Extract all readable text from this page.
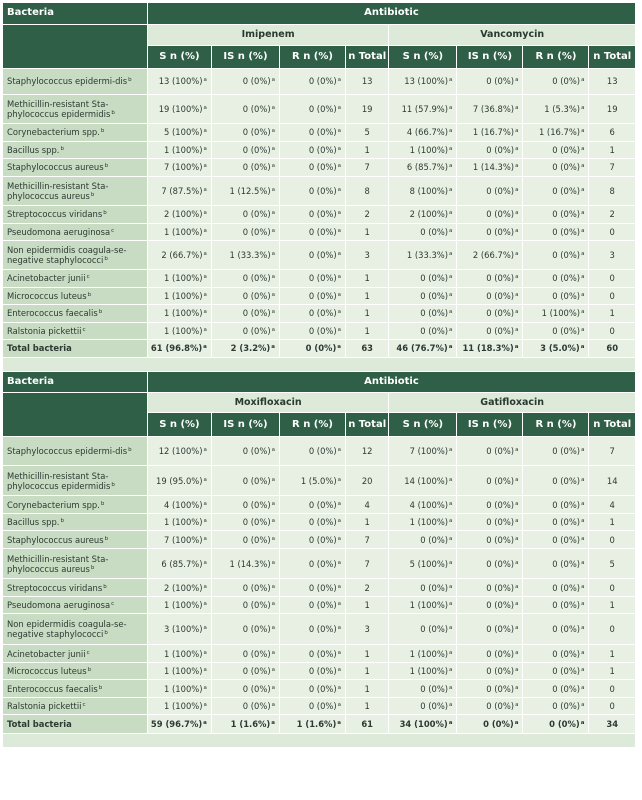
Bacteria	Antibiotic							
	Imipenem				Vancomycin			
	S n (%)	IS n (%)	R n (%)	n Total	S n (%)	IS n (%)	R n (%)	n Total
Staphylococcus epidermi-dis$^b$	13 $(100\%)^a$	0 $(0\%)^a$	0 $(0\%)^a$	13	13 $(100\%)^a$	0 $(0\%)^a$	0 $(0\%)^a$	13
Methicillin-resistant Sta-phylococcus epidermidis$^b$	19 $(100\%)^a$	0 $(0\%)^a$	0 $(0\%)^a$	19	11 $(57.9\%)^a$	7 $(36.8\%)^a$	1 $(5.3\%)^a$	19
Corynebacterium spp.$^b$	5 $(100\%)^a$	0 $(0\%)^a$	0 $(0\%)^a$	5	4 $(66.7\%)^a$	1 $(16.7\%)^a$	1 $(16.7\%)^a$	6
Bacillus spp.$^b$	1 $(100\%)^a$	0 $(0\%)^a$	0 $(0\%)^a$	1	1 $(100\%)^a$	0 $(0\%)^a$	0 $(0\%)^a$	1
Staphylococcus aureus$^b$	7 $(100\%)^a$	0 $(0\%)^a$	0 $(0\%)^a$	7	6 $(85.7\%)^a$	1 $(14.3\%)^a$	0 $(0\%)^a$	7
Methicillin-resistant Sta-phylococcus aureus$^b$	7 $(87.5\%)^a$	1 $(12.5\%)^a$	0 $(0\%)^a$	8	8 $(100\%)^a$	0 $(0\%)^a$	0 $(0\%)^a$	8
Streptococcus viridans$^b$	2 $(100\%)^a$	0 $(0\%)^a$	0 $(0\%)^a$	2	2 $(100\%)^a$	0 $(0\%)^a$	0 $(0\%)^a$	2
Pseudomona aeruginosa$^c$	1 $(100\%)^a$	0 $(0\%)^a$	0 $(0\%)^a$	1	0 $(0\%)^a$	0 $(0\%)^a$	0 $(0\%)^a$	0
Non epidermidis coagula-se-negative staphylococci$^b$	2 $(66.7\%)^a$	1 $(33.3\%)^a$	0 $(0\%)^a$	3	1 $(33.3\%)^a$	2 $(66.7\%)^a$	0 $(0\%)^a$	3
Acinetobacter junii$^c$	1 $(100\%)^a$	0 $(0\%)^a$	0 $(0\%)^a$	1	0 $(0\%)^a$	0 $(0\%)^a$	0 $(0\%)^a$	0
Micrococcus luteus$^b$	1 $(100\%)^a$	0 $(0\%)^a$	0 $(0\%)^a$	1	0 $(0\%)^a$	0 $(0\%)^a$	0 $(0\%)^a$	0
Enterococcus faecalis$^b$	1 $(100\%)^a$	0 $(0\%)^a$	0 $(0\%)^a$	1	0 $(0\%)^a$	0 $(0\%)^a$	1 $(100\%)^a$	1
Ralstonia pickettii$^c$	1 $(100\%)^a$	0 $(0\%)^a$	0 $(0\%)^a$	1	0 $(0\%)^a$	0 $(0\%)^a$	0 $(0\%)^a$	0
Total bacteria	61 $(96.8\%)^a$	2 $(3.2\%)^a$	0 $(0\%)^a$	63	46 $(76.7\%)^a$	11 $(18.3\%)^a$	3 $(5.0\%)^a$	60

Bacteria	Antibiotic							
	Moxifloxacin				Gatifloxacin			
	S n (%)	IS n (%)	R n (%)	n Total	S n (%)	IS n (%)	R n (%)	n Total
Staphylococcus epidermi-dis$^b$	12 $(100\%)^a$	0 $(0\%)^a$	0 $(0\%)^a$	12	7 $(100\%)^a$	0 $(0\%)^a$	0 $(0\%)^a$	7
Methicillin-resistant Sta-phylococcus epidermidis$^b$	19 $(95.0\%)^a$	0 $(0\%)^a$	1 $(5.0\%)^a$	20	14 $(100\%)^a$	0 $(0\%)^a$	0 $(0\%)^a$	14
Corynebacterium spp.$^b$	4 $(100\%)^a$	0 $(0\%)^a$	0 $(0\%)^a$	4	4 $(100\%)^a$	0 $(0\%)^a$	0 $(0\%)^a$	4
Bacillus spp.$^b$	1 $(100\%)^a$	0 $(0\%)^a$	0 $(0\%)^a$	1	1 $(100\%)^a$	0 $(0\%)^a$	0 $(0\%)^a$	1
Staphylococcus aureus$^b$	7 $(100\%)^a$	0 $(0\%)^a$	0 $(0\%)^a$	7	0 $(0\%)^a$	0 $(0\%)^a$	0 $(0\%)^a$	0
Methicillin-resistant Sta-phylococcus aureus$^b$	6 $(85.7\%)^a$	1 $(14.3\%)^a$	0 $(0\%)^a$	7	5 $(100\%)^a$	0 $(0\%)^a$	0 $(0\%)^a$	5
Streptococcus viridans$^b$	2 $(100\%)^a$	0 $(0\%)^a$	0 $(0\%)^a$	2	0 $(0\%)^a$	0 $(0\%)^a$	0 $(0\%)^a$	0
Pseudomona aeruginosa$^c$	1 $(100\%)^a$	0 $(0\%)^a$	0 $(0\%)^a$	1	1 $(100\%)^a$	0 $(0\%)^a$	0 $(0\%)^a$	1
Non epidermidis coagula-se-negative staphylococci$^b$	3 $(100\%)^a$	0 $(0\%)^a$	0 $(0\%)^a$	3	0 $(0\%)^a$	0 $(0\%)^a$	0 $(0\%)^a$	0
Acinetobacter junii$^c$	1 $(100\%)^a$	0 $(0\%)^a$	0 $(0\%)^a$	1	1 $(100\%)^a$	0 $(0\%)^a$	0 $(0\%)^a$	1
Micrococcus luteus$^b$	1 $(100\%)^a$	0 $(0\%)^a$	0 $(0\%)^a$	1	1 $(100\%)^a$	0 $(0\%)^a$	0 $(0\%)^a$	1
Enterococcus faecalis$^b$	1 $(100\%)^a$	0 $(0\%)^a$	0 $(0\%)^a$	1	0 $(0\%)^a$	0 $(0\%)^a$	0 $(0\%)^a$	0
Ralstonia pickettii$^c$	1 $(100\%)^a$	0 $(0\%)^a$	0 $(0\%)^a$	1	0 $(0\%)^a$	0 $(0\%)^a$	0 $(0\%)^a$	0
Total bacteria	59 $(96.7\%)^a$	1 $(1.6\%)^a$	1 $(1.6\%)^a$	61	34 $(100\%)^a$	0 $(0\%)^a$	0 $(0\%)^a$	34
